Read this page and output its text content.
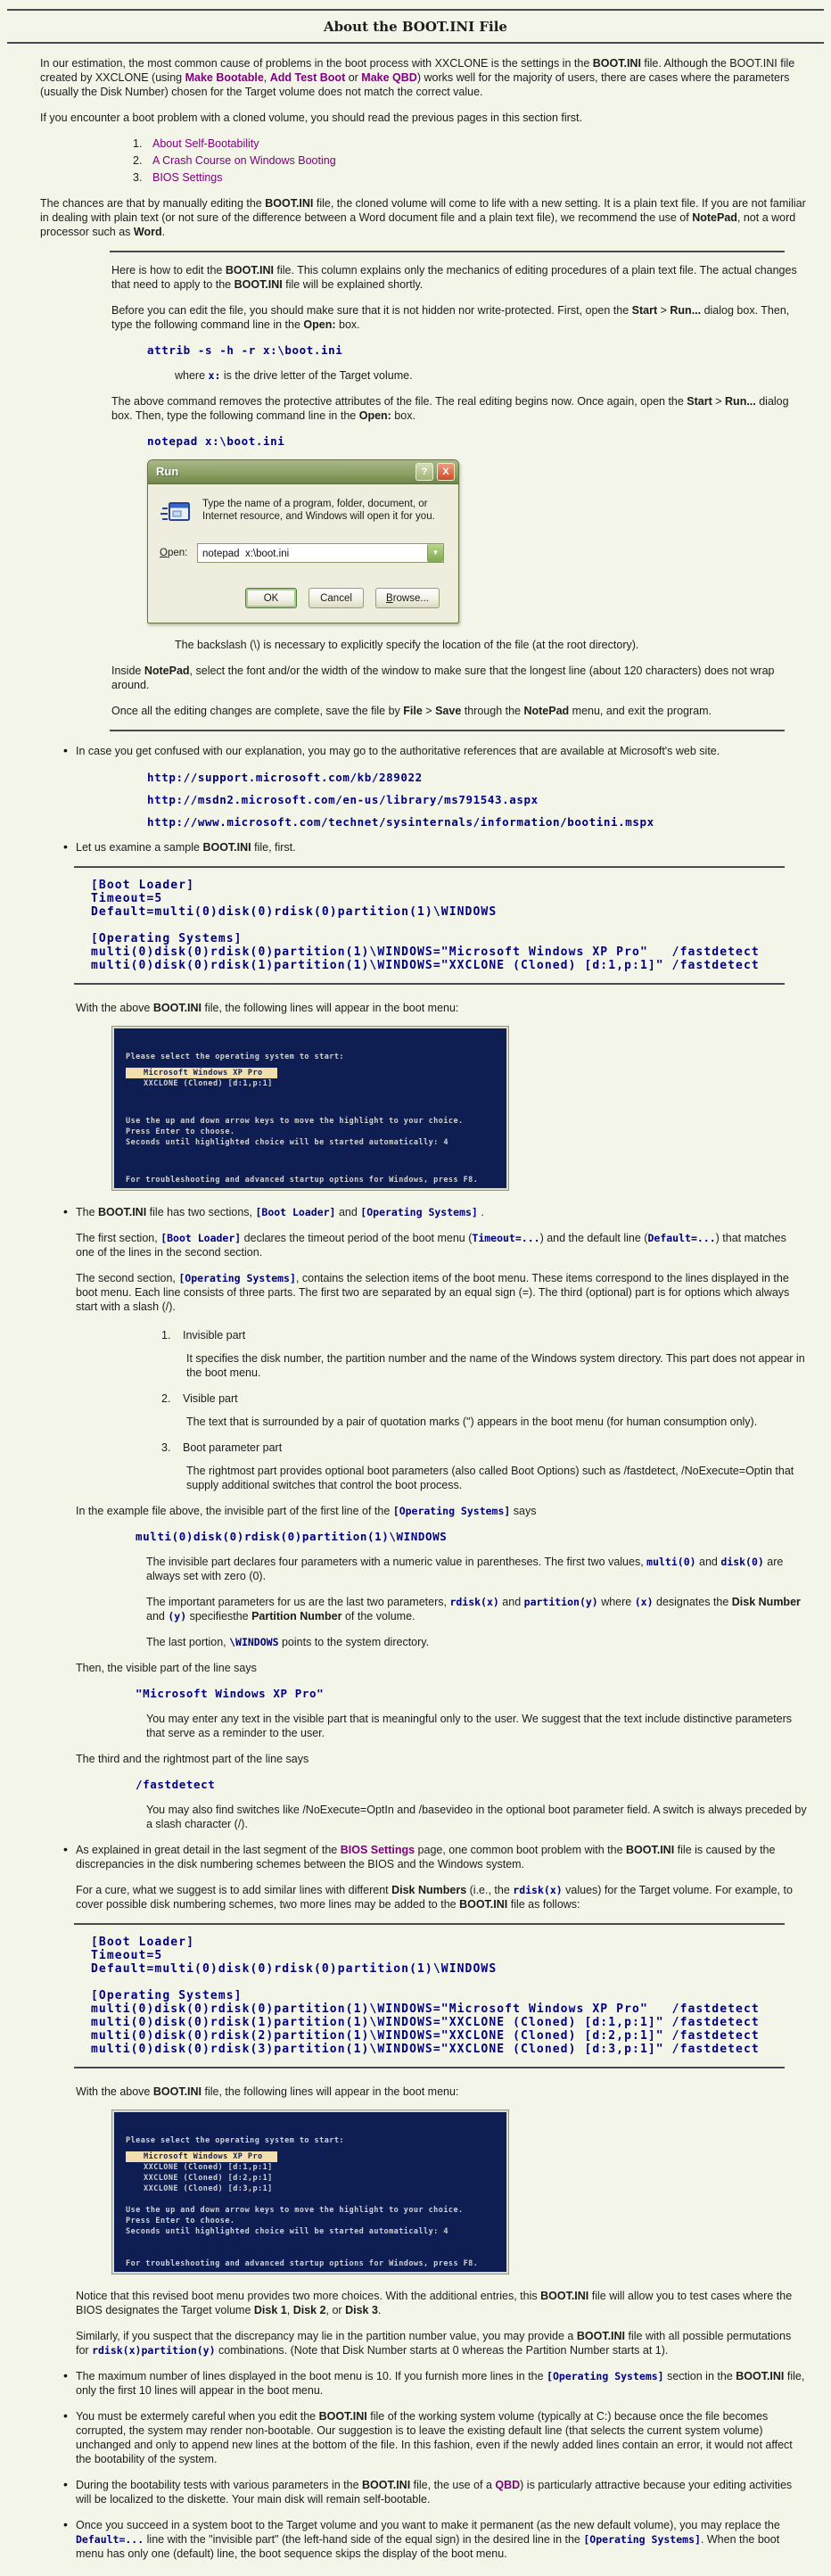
About the BOOT.INI File

In our estimation, the most common cause of problems in the boot process with XXCLONE is the settings in the BOOT.INI file. Although the BOOT.INI file created by XXCLONE (using Make Bootable, Add Test Boot or Make QBD) works well for the majority of users, there are cases where the parameters (usually the Disk Number) chosen for the Target volume does not match the correct value.

If you encounter a boot problem with a cloned volume, you should read the previous pages in this section first.

About Self-Bootability
A Crash Course on Windows Booting
BIOS Settings

The chances are that by manually editing the BOOT.INI file, the cloned volume will come to life with a new setting. It is a plain text file. If you are not familiar in dealing with plain text (or not sure of the difference between a Word document file and a plain text file), we recommend the use of NotePad, not a word processor such as Word.

Here is how to edit the BOOT.INI file. This column explains only the mechanics of editing procedures of a plain text file. The actual changes that need to apply to the BOOT.INI file will be explained shortly.

Before you can edit the file, you should make sure that it is not hidden nor write-protected. First, open the Start > Run... dialog box. Then, type the following command line in the Open: box.

attrib -s -h -r x:\boot.ini

where x: is the drive letter of the Target volume.

The above command removes the protective attributes of the file. The real editing begins now. Once again, open the Start > Run... dialog box. Then, type the following command line in the Open: box.

notepad x:\boot.ini
Run	? X
Type the name of a program, folder, document, or Internet resource, and Windows will open it for you.
Open:	notepad  x:\boot.ini	▼
OK	Cancel	Browse...

The backslash (\) is necessary to explicitly specify the location of the file (at the root directory).

Inside NotePad, select the font and/or the width of the window to make sure that the longest line (about 120 characters) does not wrap around.

Once all the editing changes are complete, save the file by File > Save through the NotePad menu, and exit the program.

• In case you get confused with our explanation, you may go to the authoritative references that are available at Microsoft's web site.

http://support.microsoft.com/kb/289022
http://msdn2.microsoft.com/en-us/library/ms791543.aspx
http://www.microsoft.com/technet/sysinternals/information/bootini.mspx

• Let us examine a sample BOOT.INI file, first.

[Boot Loader]
Timeout=5
Default=multi(0)disk(0)rdisk(0)partition(1)\WINDOWS
[Operating Systems]
multi(0)disk(0)rdisk(0)partition(1)\WINDOWS="Microsoft Windows XP Pro"   /fastdetect
multi(0)disk(0)rdisk(1)partition(1)\WINDOWS="XXCLONE (Cloned) [d:1,p:1]" /fastdetect

With the above BOOT.INI file, the following lines will appear in the boot menu:

Please select the operating system to start:
Microsoft Windows XP Pro
XXCLONE (Cloned) [d:1,p:1]
Use the up and down arrow keys to move the highlight to your choice.
Press Enter to choose.
Seconds until highlighted choice will be started automatically: 4
For troubleshooting and advanced startup options for Windows, press F8.

• The BOOT.INI file has two sections, [Boot Loader] and [Operating Systems] .

The first section, [Boot Loader] declares the timeout period of the boot menu (Timeout=...) and the default line (Default=...) that matches one of the lines in the second section.

The second section, [Operating Systems], contains the selection items of the boot menu. These items correspond to the lines displayed in the boot menu. Each line consists of three parts. The first two are separated by an equal sign (=). The third (optional) part is for options which always start with a slash (/).

Invisible part

It specifies the disk number, the partition number and the name of the Windows system directory. This part does not appear in the boot menu.

Visible part

The text that is surrounded by a pair of quotation marks (") appears in the boot menu (for human consumption only).

Boot parameter part

The rightmost part provides optional boot parameters (also called Boot Options) such as /fastdetect, /NoExecute=Optin that supply additional switches that control the boot process.

In the example file above, the invisible part of the first line of the [Operating Systems] says

multi(0)disk(0)rdisk(0)partition(1)\WINDOWS

The invisible part declares four parameters with a numeric value in parentheses. The first two values, multi(0) and disk(0) are always set with zero (0).

The important parameters for us are the last two parameters, rdisk(x) and partition(y) where (x) designates the Disk Number and (y) specifiesthe Partition Number of the volume.

The last portion, \WINDOWS points to the system directory.

Then, the visible part of the line says

"Microsoft Windows XP Pro"

You may enter any text in the visible part that is meaningful only to the user. We suggest that the text include distinctive parameters that serve as a reminder to the user.

The third and the rightmost part of the line says

/fastdetect

You may also find switches like /NoExecute=OptIn and /basevideo in the optional boot parameter field. A switch is always preceded by a slash character (/).

• As explained in great detail in the last segment of the BIOS Settings page, one common boot problem with the BOOT.INI file is caused by the discrepancies in the disk numbering schemes between the BIOS and the Windows system.

For a cure, what we suggest is to add similar lines with different Disk Numbers (i.e., the rdisk(x) values) for the Target volume. For example, to cover possible disk numbering schemes, two more lines may be added to the BOOT.INI file as follows:

[Boot Loader]
Timeout=5
Default=multi(0)disk(0)rdisk(0)partition(1)\WINDOWS
[Operating Systems]
multi(0)disk(0)rdisk(0)partition(1)\WINDOWS="Microsoft Windows XP Pro"   /fastdetect
multi(0)disk(0)rdisk(1)partition(1)\WINDOWS="XXCLONE (Cloned) [d:1,p:1]" /fastdetect
multi(0)disk(0)rdisk(2)partition(1)\WINDOWS="XXCLONE (Cloned) [d:2,p:1]" /fastdetect
multi(0)disk(0)rdisk(3)partition(1)\WINDOWS="XXCLONE (Cloned) [d:3,p:1]" /fastdetect

With the above BOOT.INI file, the following lines will appear in the boot menu:

Please select the operating system to start:
Microsoft Windows XP Pro
XXCLONE (Cloned) [d:1,p:1]
XXCLONE (Cloned) [d:2,p:1]
XXCLONE (Cloned) [d:3,p:1]
Use the up and down arrow keys to move the highlight to your choice.
Press Enter to choose.
Seconds until highlighted choice will be started automatically: 4
For troubleshooting and advanced startup options for Windows, press F8.

Notice that this revised boot menu provides two more choices. With the additional entries, this BOOT.INI file will allow you to test cases where the BIOS designates the Target volume Disk 1, Disk 2, or Disk 3.

Similarly, if you suspect that the discrepancy may lie in the partition number value, you may provide a BOOT.INI file with all possible permutations for rdisk(x)partition(y) combinations. (Note that Disk Number starts at 0 whereas the Partition Number starts at 1).

• The maximum number of lines displayed in the boot menu is 10. If you furnish more lines in the [Operating Systems] section in the BOOT.INI file, only the first 10 lines will appear in the boot menu.

• You must be extermely careful when you edit the BOOT.INI file of the working system volume (typically at C:) because once the file becomes corrupted, the system may render non-bootable. Our suggestion is to leave the existing default line (that selects the current system volume) unchanged and only to append new lines at the bottom of the file. In this fashion, even if the newly added lines contain an error, it would not affect the bootability of the system.

• During the bootability tests with various parameters in the BOOT.INI file, the use of a QBD) is particularly attractive because your editing activities will be localized to the diskette. Your main disk will remain self-bootable.

• Once you succeed in a system boot to the Target volume and you want to make it permanent (as the new default volume), you may replace the Default=... line with the "invisible part" (the left-hand side of the equal sign) in the desired line in the [Operating Systems]. When the boot menu has only one (default) line, the boot sequence skips the display of the boot menu.
